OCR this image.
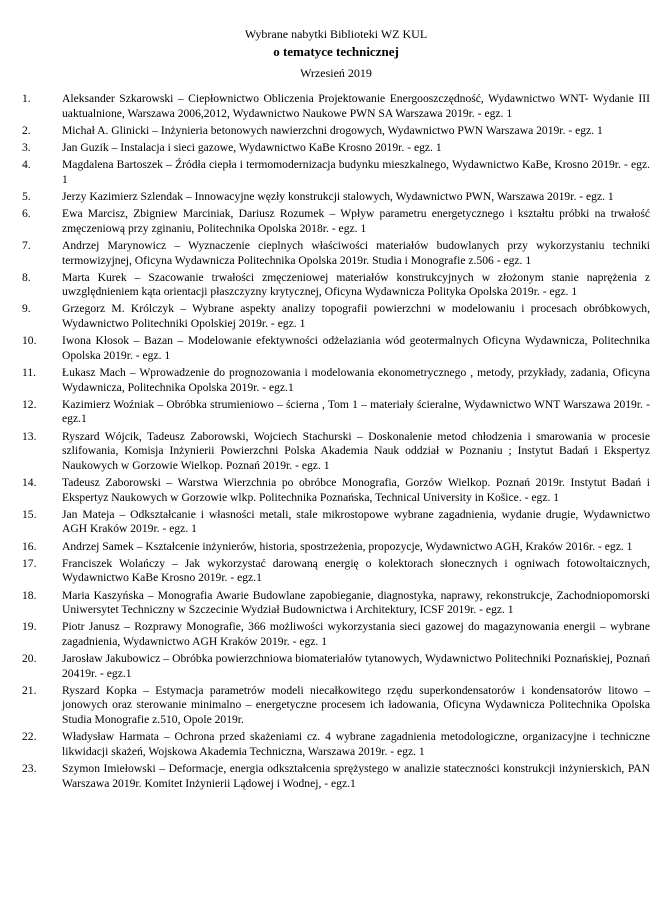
Wybrane nabytki Biblioteki WZ KUL
o tematyce technicznej
Wrzesień 2019
1.	Aleksander Szkarowski – Ciepłownictwo Obliczenia Projektowanie Energooszczędność, Wydawnictwo WNT- Wydanie III uaktualnione, Warszawa 2006,2012, Wydawnictwo Naukowe PWN SA Warszawa 2019r. - egz. 1
2.	Michał A. Glinicki – Inżynieria betonowych nawierzchni drogowych, Wydawnictwo PWN Warszawa 2019r. - egz. 1
3.	Jan Guzik – Instalacja i sieci gazowe, Wydawnictwo KaBe Krosno 2019r. - egz. 1
4.	Magdalena Bartoszek – Źródła ciepła i termomodernizacja budynku mieszkalnego, Wydawnictwo KaBe, Krosno 2019r. - egz. 1
5.	Jerzy Kazimierz Szlendak – Innowacyjne węzły konstrukcji stalowych, Wydawnictwo PWN, Warszawa 2019r. - egz. 1
6.	Ewa Marcisz, Zbigniew Marciniak, Dariusz Rozumek – Wpływ parametru energetycznego i kształtu próbki na trwałość zmęczeniową przy zginaniu, Politechnika Opolska 2018r. - egz. 1
7.	Andrzej Marynowicz – Wyznaczenie cieplnych właściwości materiałów budowlanych przy wykorzystaniu techniki termowizyjnej, Oficyna Wydawnicza Politechnika Opolska 2019r. Studia i Monografie z.506 - egz. 1
8.	Marta Kurek – Szacowanie trwałości zmęczeniowej materiałów konstrukcyjnych w złożonym stanie naprężenia z uwzględnieniem kąta orientacji płaszczyzny krytycznej, Oficyna Wydawnicza Polityka Opolska 2019r. - egz. 1
9.	Grzegorz M. Królczyk – Wybrane aspekty analizy topografii powierzchni w modelowaniu i procesach obróbkowych, Wydawnictwo Politechniki Opolskiej 2019r. - egz. 1
10.	Iwona Kłosok – Bazan – Modelowanie efektywności odżelaziania wód geotermalnych Oficyna Wydawnicza, Politechnika Opolska 2019r. - egz. 1
11.	Łukasz Mach – Wprowadzenie do prognozowania i modelowania ekonometrycznego , metody, przykłady, zadania, Oficyna Wydawnicza, Politechnika Opolska 2019r. - egz.1
12.	Kazimierz Woźniak – Obróbka strumieniowo – ścierna , Tom 1 – materiały ścieralne, Wydawnictwo WNT Warszawa 2019r. - egz.1
13.	Ryszard Wójcik, Tadeusz Zaborowski, Wojciech Stachurski – Doskonalenie metod chłodzenia i smarowania w procesie szlifowania, Komisja Inżynierii Powierzchni Polska Akademia Nauk oddział w Poznaniu ; Instytut Badań i Ekspertyz Naukowych w Gorzowie Wielkop. Poznań 2019r. - egz. 1
14.	Tadeusz Zaborowski – Warstwa Wierzchnia po obróbce Monografia, Gorzów Wielkop. Poznań 2019r. Instytut Badań i Ekspertyz Naukowych w Gorzowie wlkp. Politechnika Poznańska, Technical University in Košice. - egz. 1
15.	Jan Mateja – Odkształcanie i własności metali, stale mikrostopowe wybrane zagadnienia, wydanie drugie, Wydawnictwo AGH Kraków 2019r. - egz. 1
16.	Andrzej Samek – Kształcenie inżynierów, historia, spostrzeżenia, propozycje, Wydawnictwo AGH, Kraków 2016r. - egz. 1
17.	Franciszek Wolańczy – Jak wykorzystać darowaną energię o kolektorach słonecznych i ogniwach fotowoltaicznych, Wydawnictwo KaBe Krosno 2019r. - egz.1
18.	Maria Kaszyńska – Monografia Awarie Budowlane zapobieganie, diagnostyka, naprawy, rekonstrukcje, Zachodniopomorski Uniwersytet Techniczny w Szczecinie Wydział Budownictwa i Architektury, ICSF 2019r. - egz. 1
19.	Piotr Janusz – Rozprawy Monografie, 366 możliwości wykorzystania sieci gazowej do magazynowania energii – wybrane zagadnienia, Wydawnictwo AGH Kraków 2019r. - egz. 1
20.	Jarosław Jakubowicz – Obróbka powierzchniowa biomateriałów tytanowych, Wydawnictwo Politechniki Poznańskiej, Poznań 20419r. - egz.1
21.	Ryszard Kopka – Estymacja parametrów modeli niecałkowitego rzędu superkondensatorów i kondensatorów litowo – jonowych oraz sterowanie minimalno – energetyczne procesem ich ładowania, Oficyna Wydawnicza Politechnika Opolska Studia Monografie z.510, Opole 2019r.
22.	Władysław Harmata – Ochrona przed skażeniami cz. 4 wybrane zagadnienia metodologiczne, organizacyjne i techniczne likwidacji skażeń, Wojskowa Akademia Techniczna, Warszawa 2019r. - egz. 1
23.	Szymon Imiełowski – Deformacje, energia odkształcenia sprężystego w analizie stateczności konstrukcji inżynierskich, PAN Warszawa 2019r. Komitet Inżynierii Lądowej i Wodnej, - egz.1
